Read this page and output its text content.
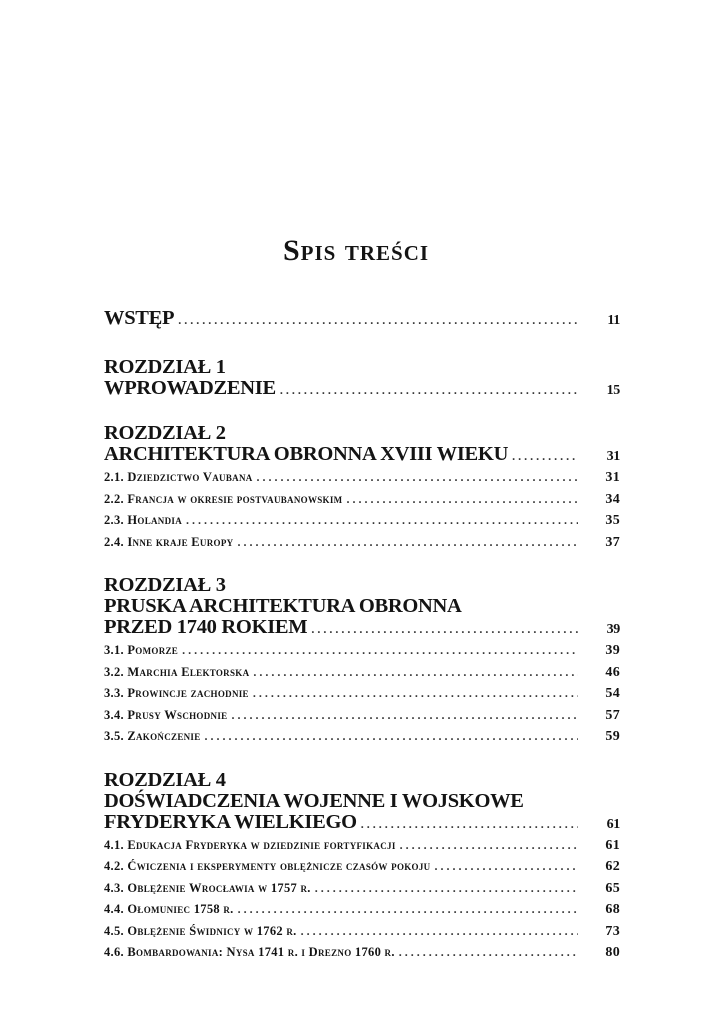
Spis treści
WSTĘP . . .	11
ROZDZIAŁ 1
WPROWADZENIE . . .	15
ROZDZIAŁ 2
ARCHITEKTURA OBRONNA XVIII WIEKU . . .	31
2.1. Dziedzictwo Vaubana . . .	31
2.2. Francja w okresie postvaubanowskim . . .	34
2.3. Holandia . . .	35
2.4. Inne kraje Europy . . .	37
ROZDZIAŁ 3
PRUSKA ARCHITEKTURA OBRONNA
PRZED 1740 ROKIEM . . .	39
3.1. Pomorze . . .	39
3.2. Marchia Elektorska . . .	46
3.3. Prowincje zachodnie . . .	54
3.4. Prusy Wschodnie . . .	57
3.5. Zakończenie . . .	59
ROZDZIAŁ 4
DOŚWIADCZENIA WOJENNE I WOJSKOWE
FRYDERYKA WIELKIEGO . . .	61
4.1. Edukacja Fryderyka w dziedzinie fortyfikacji . . .	61
4.2. Ćwiczenia i eksperymenty oblężnicze czasów pokoju . . .	62
4.3. Oblężenie Wrocławia w 1757 r. . . .	65
4.4. Ołomuniec 1758 r. . . .	68
4.5. Oblężenie Świdnicy w 1762 r. . . .	73
4.6. Bombardowania: Nysa 1741 r. i Drezno 1760 r. . . .	80
